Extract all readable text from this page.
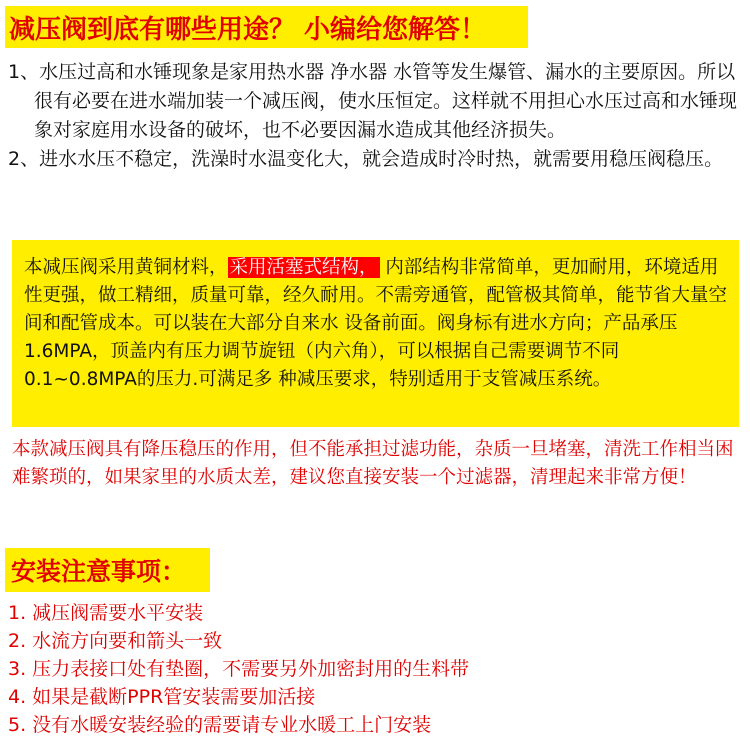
减压阀到底有哪些用途？ 小编给您解答！
1、水压过高和水锤现象是家用热水器 净水器 水管等发生爆管、漏水的主要原因。所以很有必要在进水端加装一个减压阀，使水压恒定。这样就不用担心水压过高和水锤现象对家庭用水设备的破坏，也不必要因漏水造成其他经济损失。
2、进水水压不稳定，洗澡时水温变化大，就会造成时冷时热，就需要用稳压阀稳压。
本减压阀采用黄铜材料， 采用活塞式结构， 内部结构非常简单，更加耐用，环境适用性更强，做工精细，质量可靠，经久耐用。不需旁通管，配管极其简单，能节省大量空间和配管成本。可以装在大部分自来水 设备前面。阀身标有进水方向；产品承压1.6MPA，顶盖内有压力调节旋钮（内六角），可以根据自己需要调节不同0.1~0.8MPA的压力.可满足多 种减压要求，特别适用于支管减压系统。
本款减压阀具有降压稳压的作用，但不能承担过滤功能，杂质一旦堵塞，清洗工作相当困难繁琐的，如果家里的水质太差，建议您直接安装一个过滤器，清理起来非常方便！
安装注意事项：
1. 减压阀需要水平安装
2. 水流方向要和箭头一致
3. 压力表接口处有垫圈，不需要另外加密封用的生料带
4. 如果是截断PPR管安装需要加活接
5. 没有水暖安装经验的需要请专业水暖工上门安装
